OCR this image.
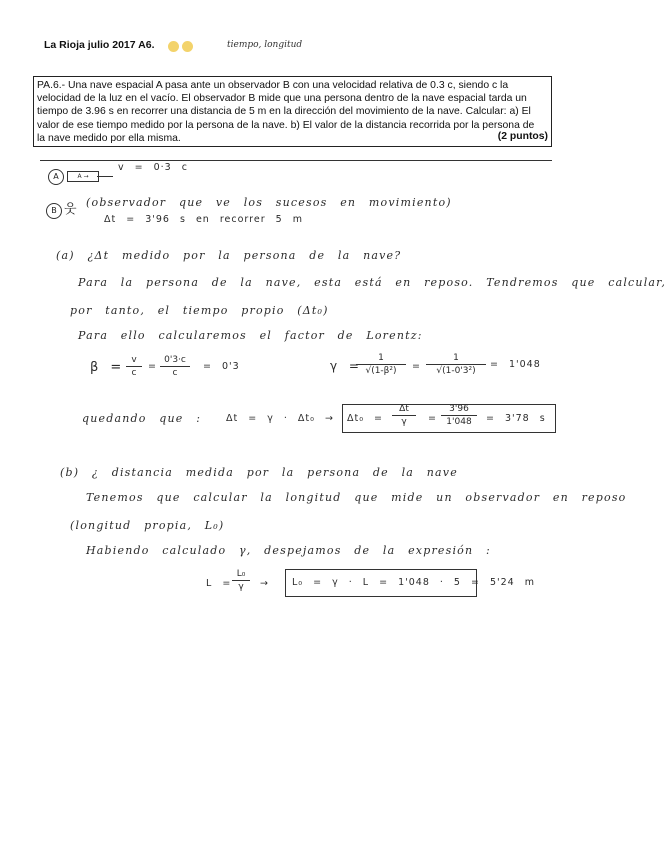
La Rioja julio 2017 A6.	tiempo, longitud
PA.6.- Una nave espacial A pasa ante un observador B con una velocidad relativa de 0.3 c, siendo c la
velocidad de la luz en el vacío. El observador B mide que una persona dentro de la nave espacial tarda un
tiempo de 3.96 s en recorrer una distancia de 5 m en la dirección del movimiento de la nave. Calcular: a) El
valor de ese tiempo medido por la persona de la nave. b) El valor de la distancia recorrida por la persona de
la nave medido por ella misma.	(2 puntos)
A	A →
v = 0·3 c
B 웃 (observador que ve los sucesos en movimiento)
Δt = 3'96 s en recorrer 5 m
(a) ¿Δt medido por la persona de la nave?
Para la persona de la nave, esta está en reposo. Tendremos que calcular,
por tanto, el tiempo propio (Δt₀)
Para ello calcularemos el factor de Lorentz:
$\beta = \frac{v}{c} = \frac{0'3\cdot c}{c} = 0'3$	γ =
$\frac{1}{\text{√(1-β²)}} = \frac{1}{\text{√(1-0'3²)}} = 1'048$
quedando que :	$\Delta t = \gamma \cdot \Delta t_0 \to \Delta t_0 = \frac{\Delta t}{\gamma} = \frac{3'96}{1'048} = 3'78$ s
(b) ¿ distancia medida por la persona de la nave
Tenemos que calcular la longitud que mide un observador en reposo
(longitud propia, L₀)
Habiendo calculado γ, despejamos de la expresión :
$L = \frac{\text{L₀}}{\gamma} \to L_0 = \gamma \cdot L = 1'048 \cdot 5 = 5'24$ m
